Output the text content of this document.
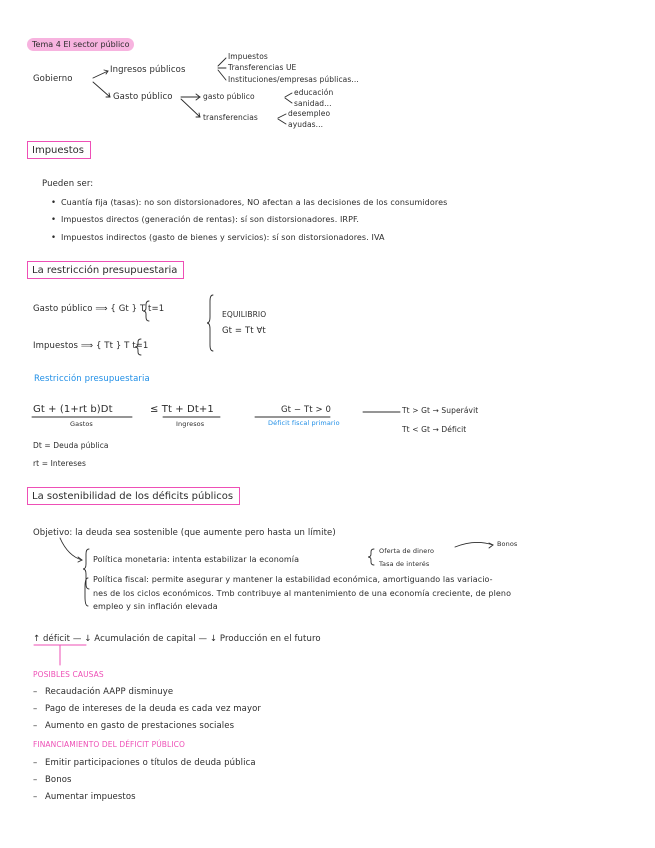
Tema 4 El sector público
Gobierno
Ingresos públicos
Impuestos
Transferencias UE
Instituciones/empresas públicas...
Gasto público	gasto público	educación
sanidad...
transferencias	desempleo
ayudas...
Impuestos
Pueden ser:
• Cuantía fija (tasas): no son distorsionadores, NO afectan a las decisiones de los consumidores
• Impuestos directos (generación de rentas): sí son distorsionadores. IRPF.
• Impuestos indirectos (gasto de bienes y servicios): sí son distorsionadores. IVA
La restricción presupuestaria
Gasto público ⟹ { Gt } T t=1
Impuestos ⟹ { Tt } T t=1
EQUILIBRIO
Gt = Tt ∀t
Restricción presupuestaria
Gt + (1+rt b)Dt	≤ Tt + Dt+1
Gastos	Ingresos
Gt − Tt > 0
Déficit fiscal primario
Tt > Gt → Superávit
Tt < Gt → Déficit
Dt = Deuda pública
rt = Intereses
La sostenibilidad de los déficits públicos
Objetivo: la deuda sea sostenible (que aumente pero hasta un límite)
Política monetaria: intenta estabilizar la economía
Oferta de dinero
Tasa de interés
Bonos
Política fiscal: permite asegurar y mantener la estabilidad económica, amortiguando las variacio-
nes de los ciclos económicos. Tmb contribuye al mantenimiento de una economía creciente, de pleno
empleo y sin inflación elevada
↑ déficit — ↓ Acumulación de capital — ↓ Producción en el futuro
POSIBLES CAUSAS
– Recaudación AAPP disminuye
– Pago de intereses de la deuda es cada vez mayor
– Aumento en gasto de prestaciones sociales
FINANCIAMIENTO DEL DÉFICIT PÚBLICO
– Emitir participaciones o títulos de deuda pública
– Bonos
– Aumentar impuestos
